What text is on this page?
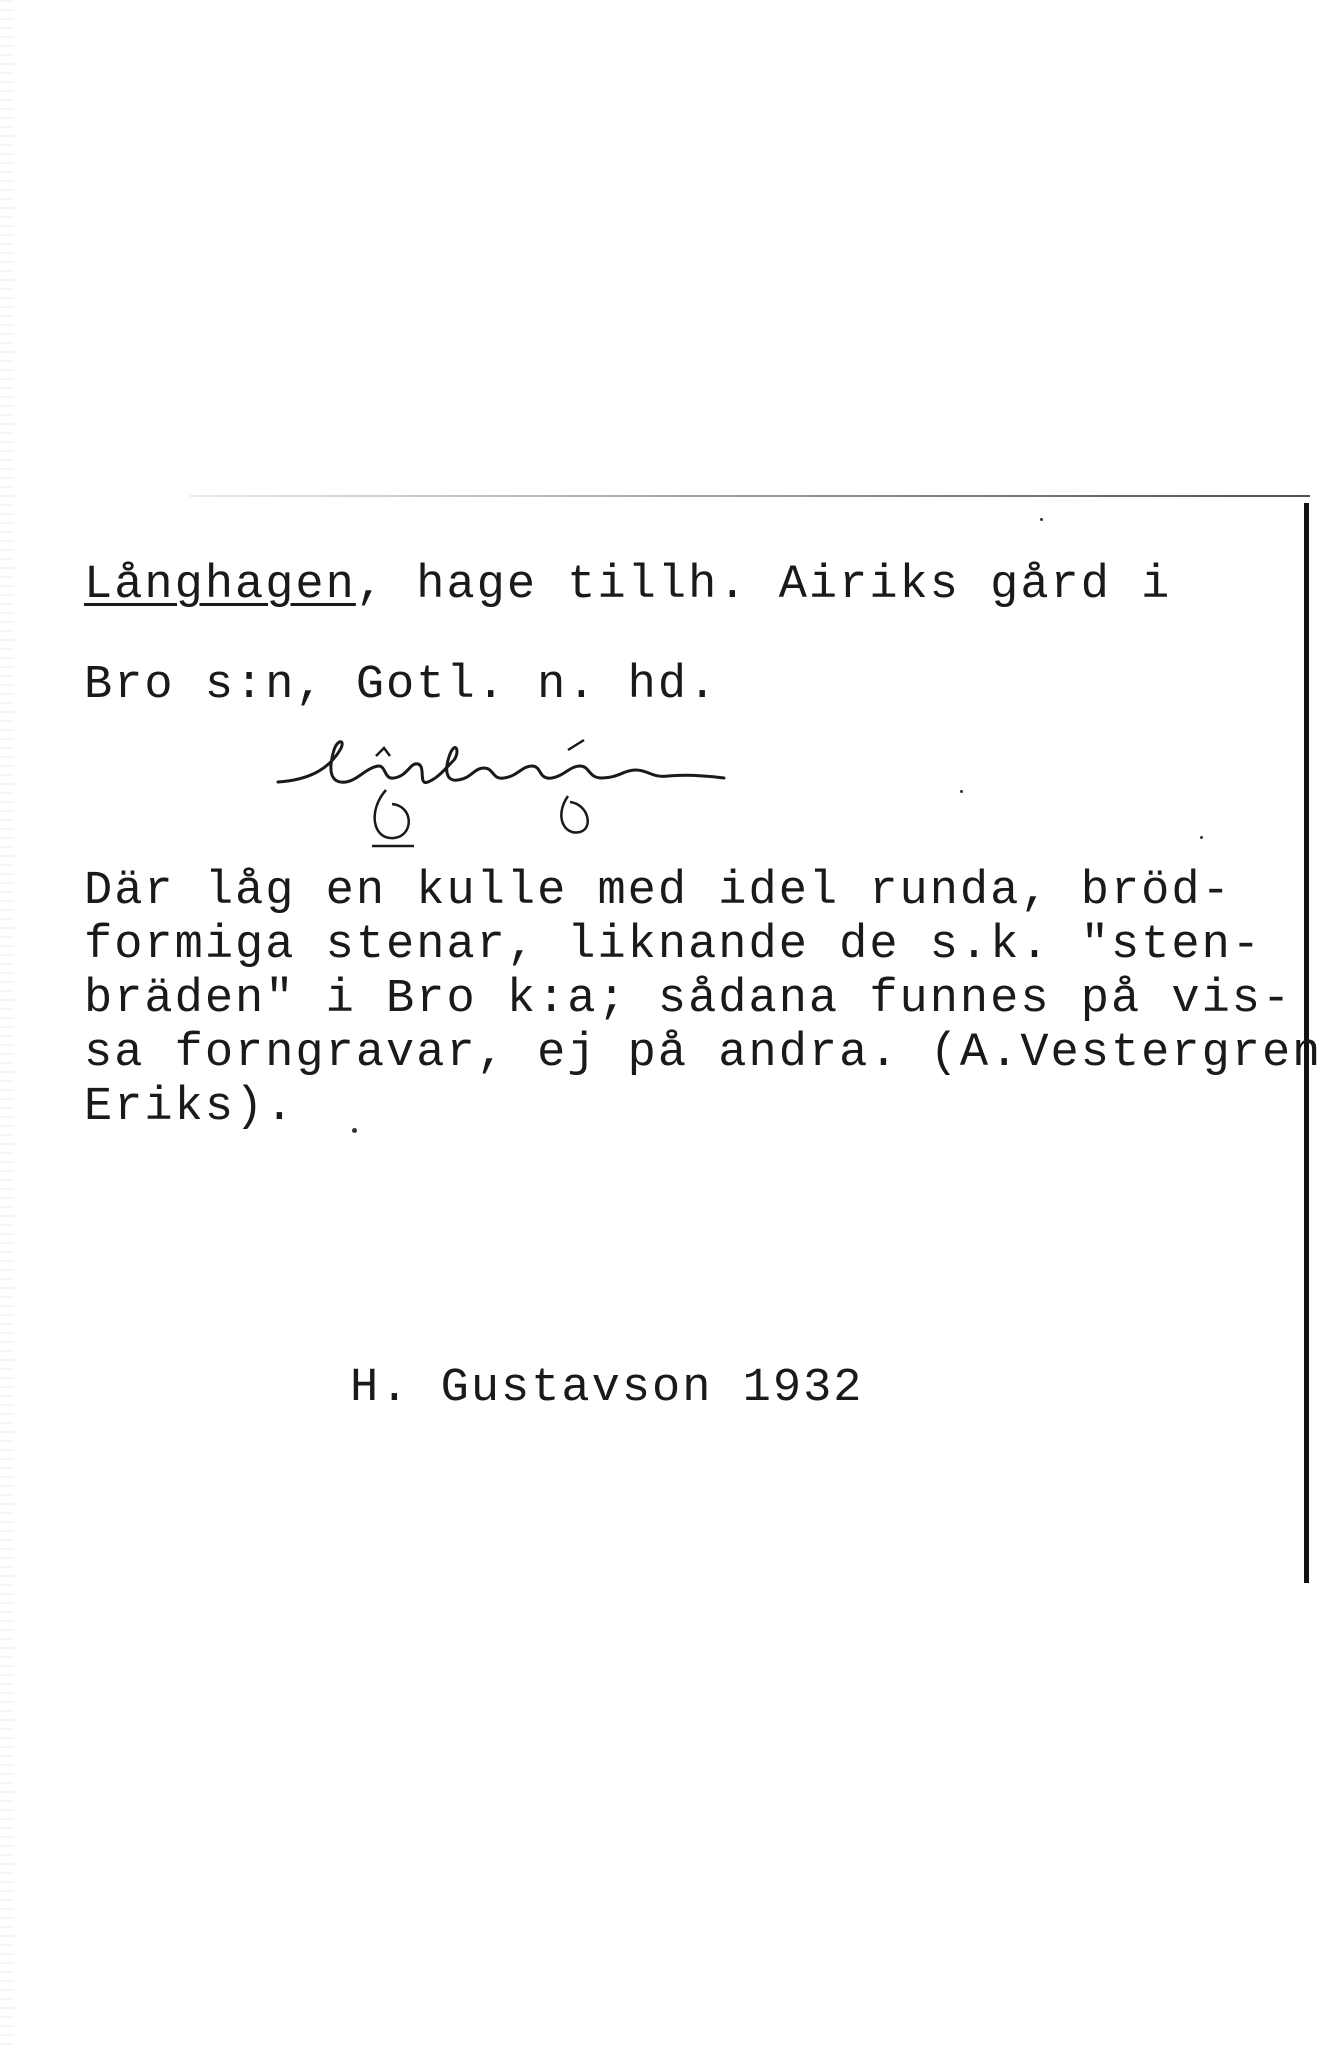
Långhagen, hage tillh. Airiks gård i
Bro s:n, Gotl. n. hd.
Där låg en kulle med idel runda, bröd-
formiga stenar, liknande de s.k. "sten-
bräden" i Bro k:a; sådana funnes på vis-
sa forngravar, ej på andra. (A.Vestergren
Eriks).
H. Gustavson 1932
